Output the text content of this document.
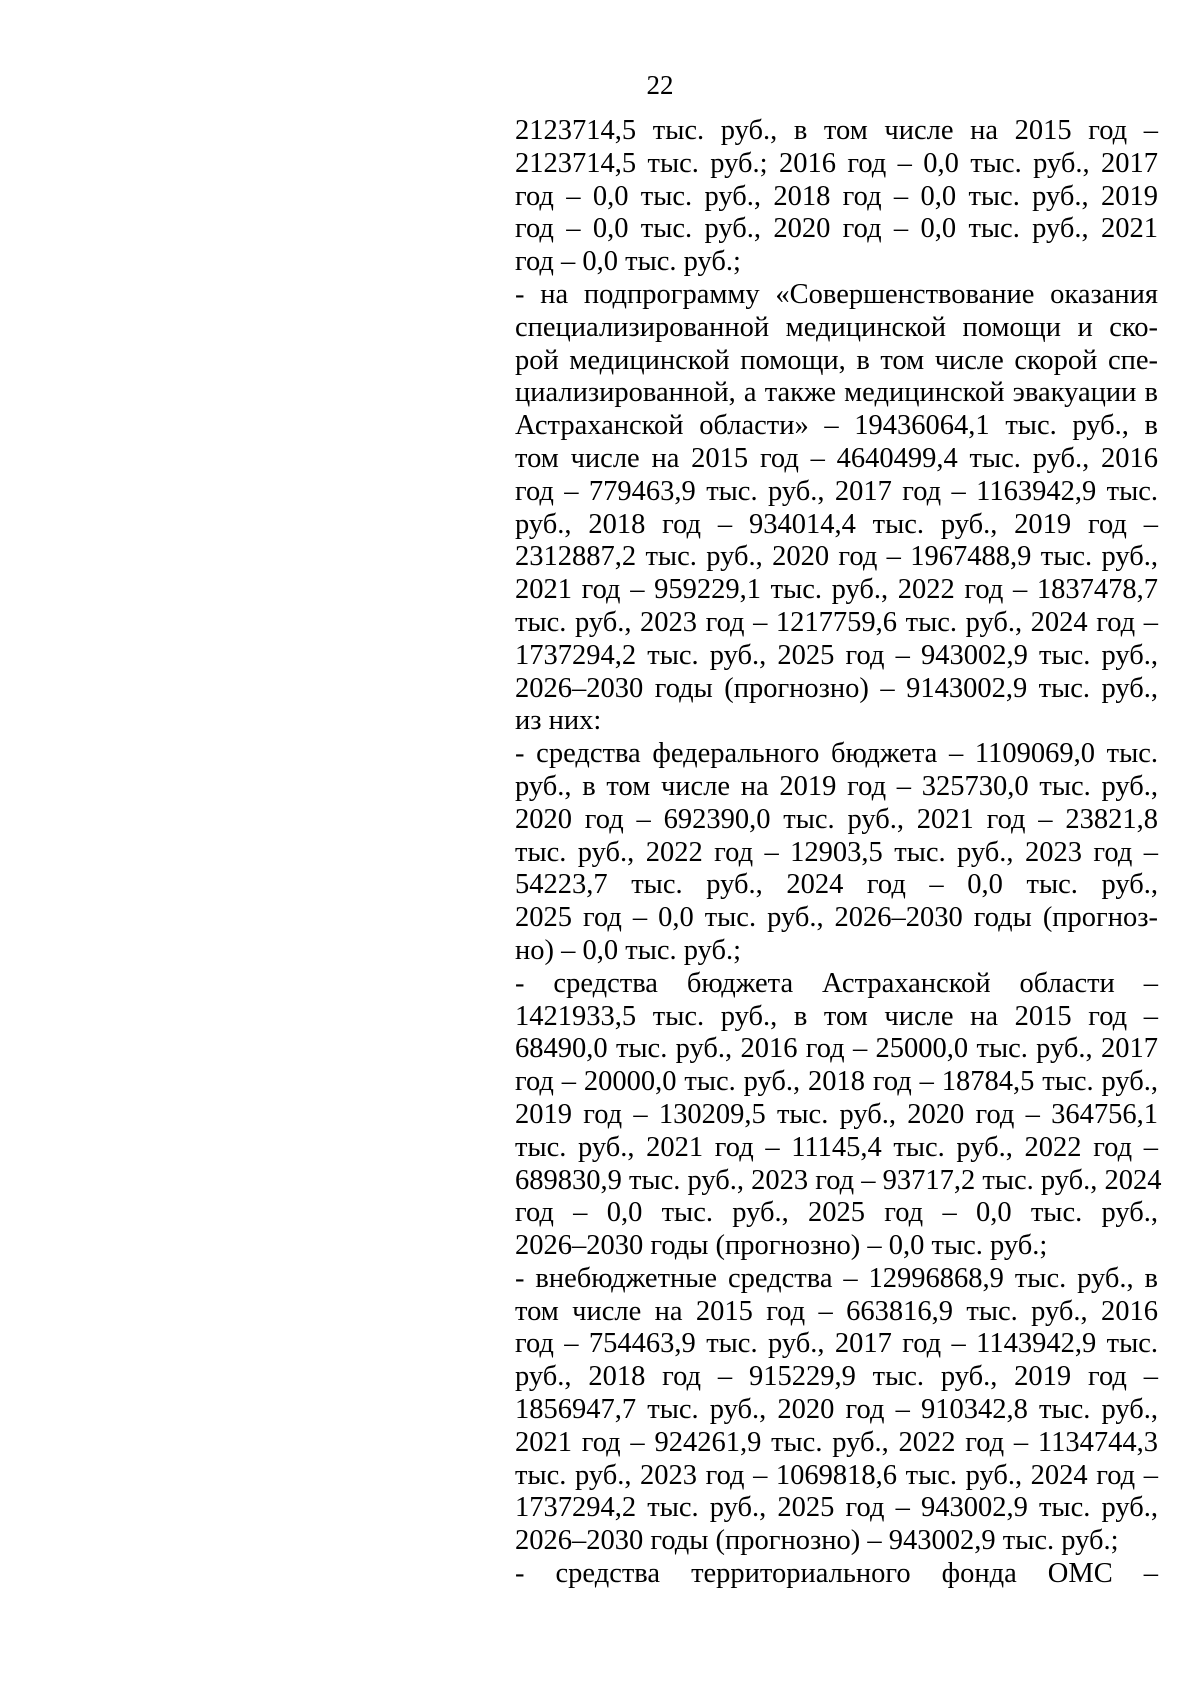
22
2123714,5 тыс. руб., в том числе на 2015 год –
2123714,5 тыс. руб.; 2016 год – 0,0 тыс. руб., 2017
год – 0,0 тыс. руб., 2018 год – 0,0 тыс. руб., 2019
год – 0,0 тыс. руб., 2020 год – 0,0 тыс. руб., 2021
год – 0,0 тыс. руб.;
- на подпрограмму «Совершенствование оказания
специализированной медицинской помощи и ско-
рой медицинской помощи, в том числе скорой спе-
циализированной, а также медицинской эвакуации в
Астраханской области» – 19436064,1 тыс. руб., в
том числе на 2015 год – 4640499,4 тыс. руб., 2016
год – 779463,9 тыс. руб., 2017 год – 1163942,9 тыс.
руб., 2018 год – 934014,4 тыс. руб., 2019 год –
2312887,2 тыс. руб., 2020 год – 1967488,9 тыс. руб.,
2021 год – 959229,1 тыс. руб., 2022 год – 1837478,7
тыс. руб., 2023 год – 1217759,6 тыс. руб., 2024 год –
1737294,2 тыс. руб., 2025 год – 943002,9 тыс. руб.,
2026–2030 годы (прогнозно) – 9143002,9 тыс. руб.,
из них:
- средства федерального бюджета – 1109069,0 тыс.
руб., в том числе на 2019 год – 325730,0 тыс. руб.,
2020 год – 692390,0 тыс. руб., 2021 год – 23821,8
тыс. руб., 2022 год – 12903,5 тыс. руб., 2023 год –
54223,7 тыс. руб., 2024 год – 0,0 тыс. руб.,
2025 год – 0,0 тыс. руб., 2026–2030 годы (прогноз-
но) – 0,0 тыс. руб.;
- средства бюджета Астраханской области –
1421933,5 тыс. руб., в том числе на 2015 год –
68490,0 тыс. руб., 2016 год – 25000,0 тыс. руб., 2017
год – 20000,0 тыс. руб., 2018 год – 18784,5 тыс. руб.,
2019 год – 130209,5 тыс. руб., 2020 год – 364756,1
тыс. руб., 2021 год – 11145,4 тыс. руб., 2022 год –
689830,9 тыс. руб., 2023 год – 93717,2 тыс. руб., 2024
год – 0,0 тыс. руб., 2025 год – 0,0 тыс. руб.,
2026–2030 годы (прогнозно) – 0,0 тыс. руб.;
- внебюджетные средства – 12996868,9 тыс. руб., в
том числе на 2015 год – 663816,9 тыс. руб., 2016
год – 754463,9 тыс. руб., 2017 год – 1143942,9 тыс.
руб., 2018 год – 915229,9 тыс. руб., 2019 год –
1856947,7 тыс. руб., 2020 год – 910342,8 тыс. руб.,
2021 год – 924261,9 тыс. руб., 2022 год – 1134744,3
тыс. руб., 2023 год – 1069818,6 тыс. руб., 2024 год –
1737294,2 тыс. руб., 2025 год – 943002,9 тыс. руб.,
2026–2030 годы (прогнозно) – 943002,9 тыс. руб.;
- средства территориального фонда ОМС –
